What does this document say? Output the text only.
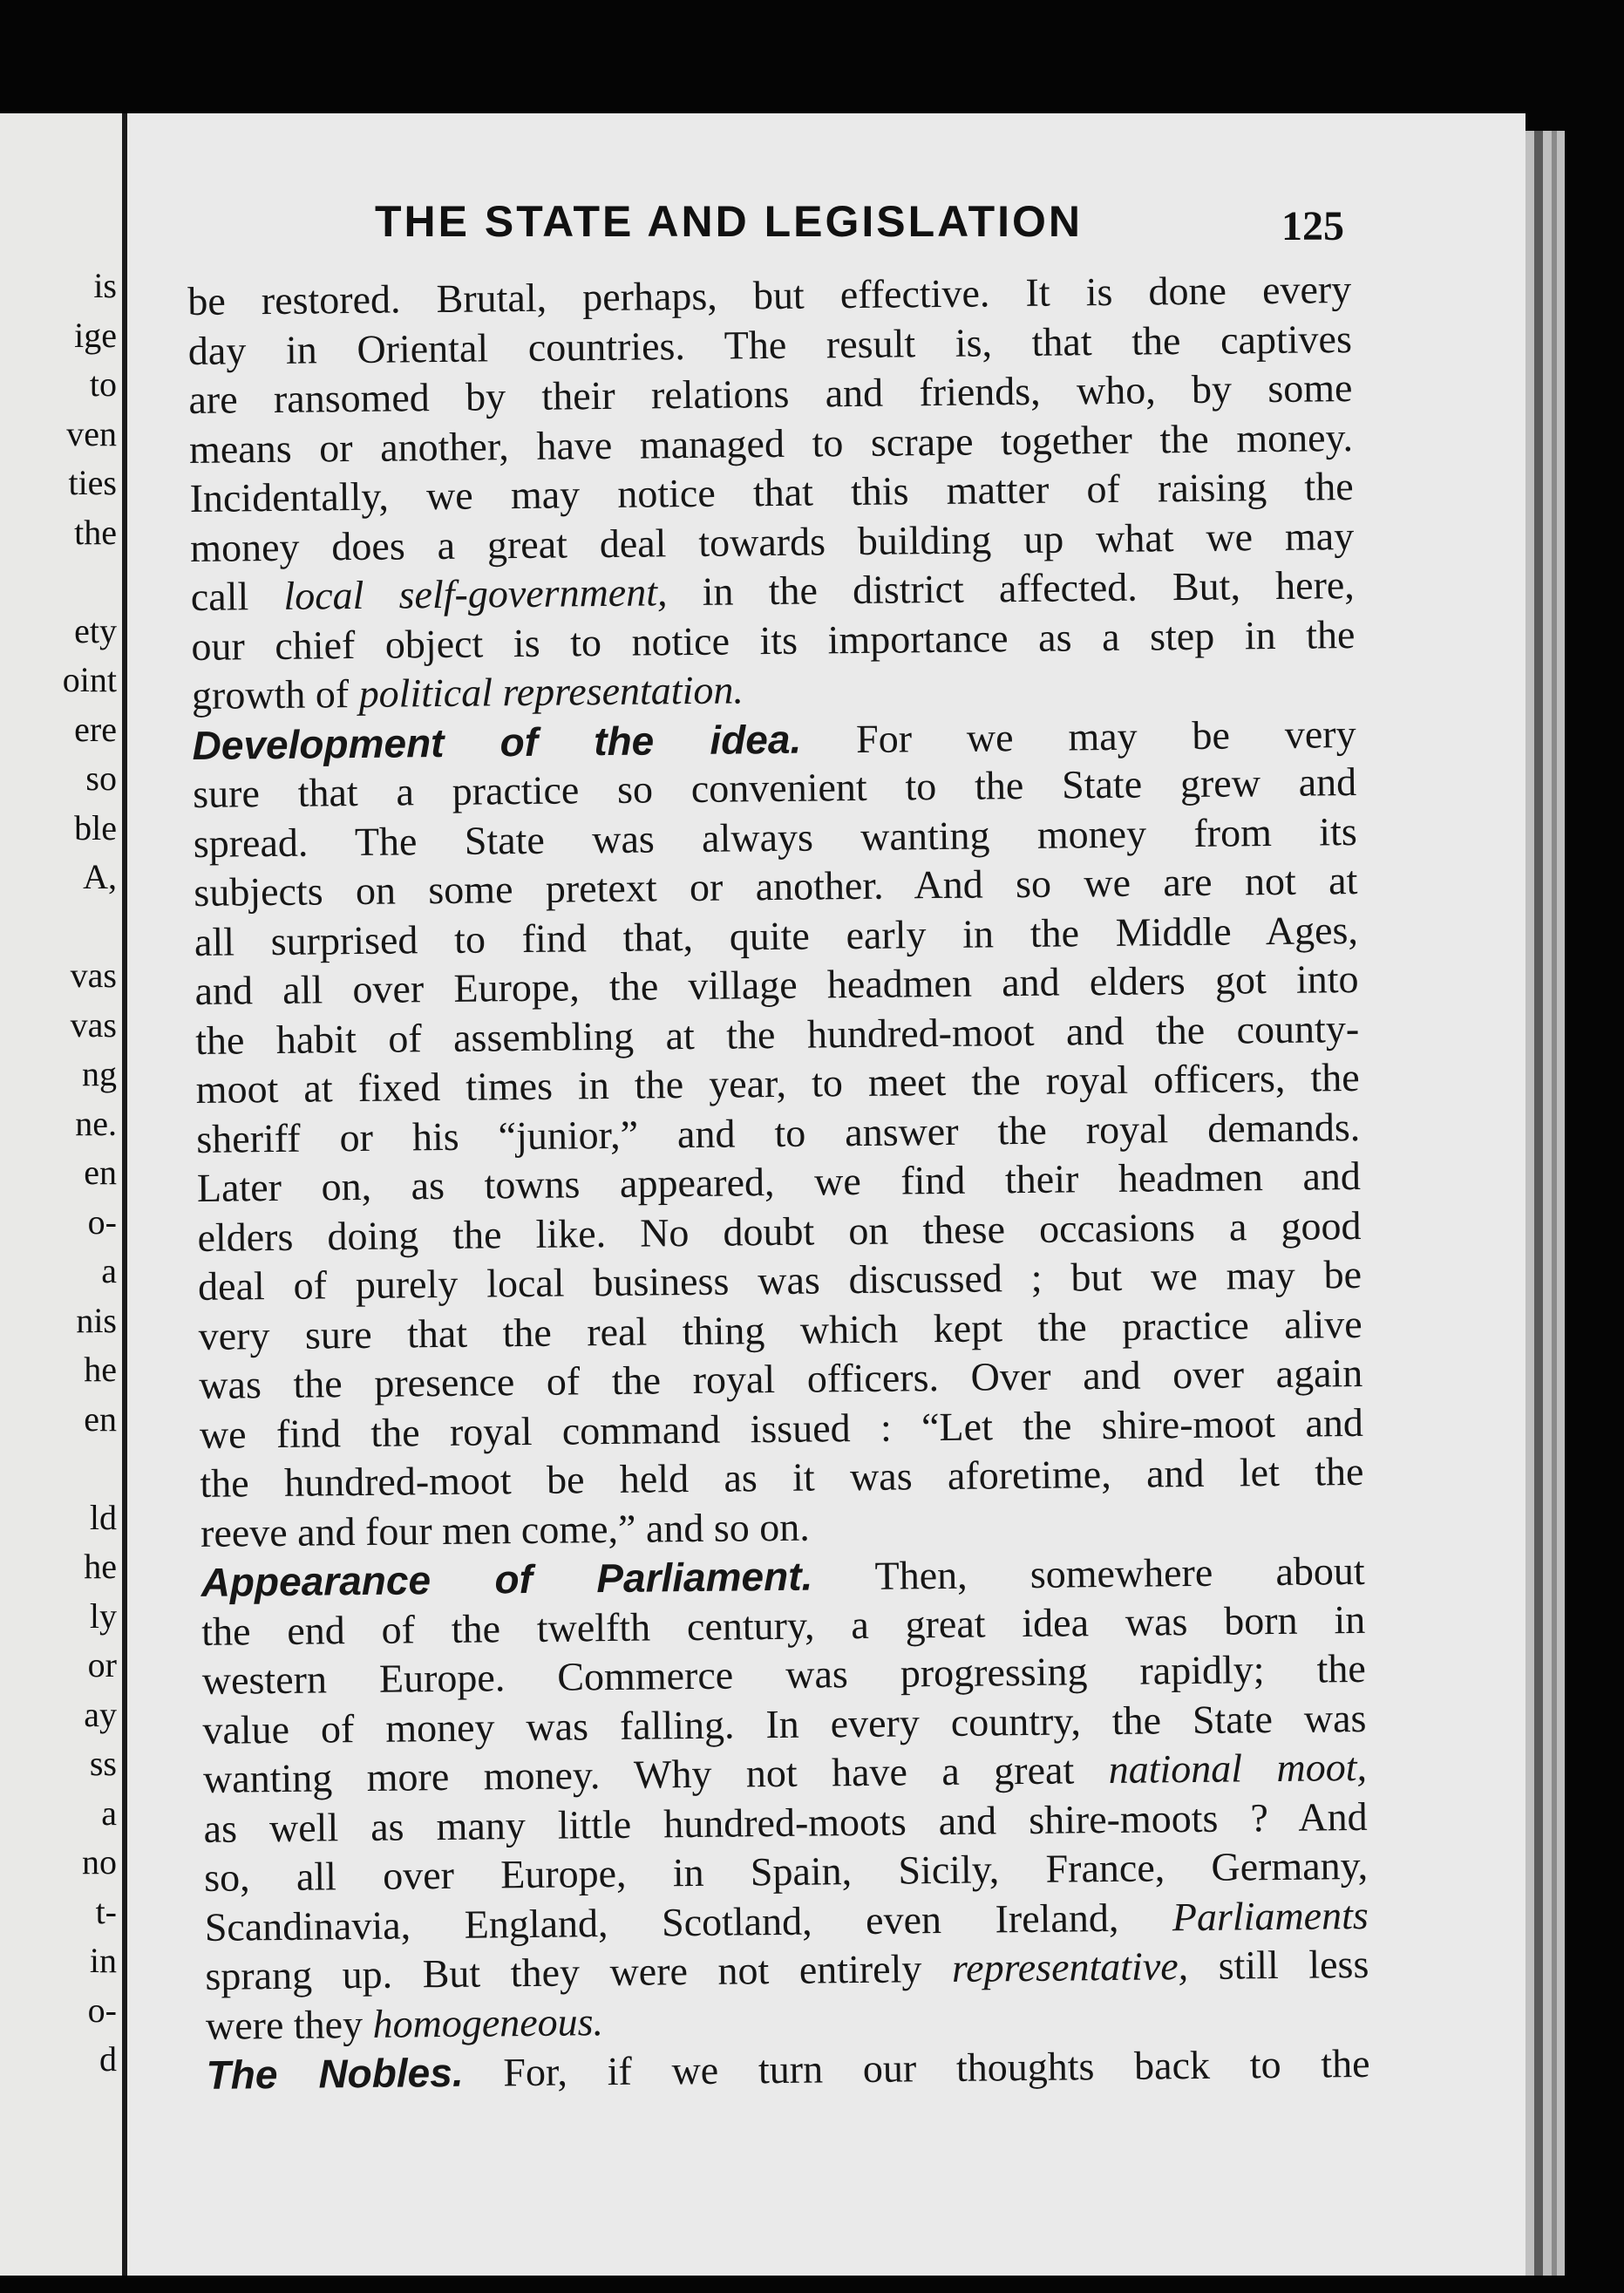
is
ige
to
ven
ties
the
ety
oint
ere
so
ble
A,
vas
vas
ng
ne.
en
o-
a
nis
he
en
ld
he
ly
or
ay
ss
a
no
t-
in
o-
d
THE STATE AND LEGISLATION	125
be restored. Brutal, perhaps, but effective. It is done every
day in Oriental countries. The result is, that the captives
are ransomed by their relations and friends, who, by some
means or another, have managed to scrape together the money.
Incidentally, we may notice that this matter of raising the
money does a great deal towards building up what we may
call local self-government, in the district affected. But, here,
our chief object is to notice its importance as a step in the
growth of political representation.
Development of the idea. For we may be very
sure that a practice so convenient to the State grew and
spread. The State was always wanting money from its
subjects on some pretext or another. And so we are not at
all surprised to find that, quite early in the Middle Ages,
and all over Europe, the village headmen and elders got into
the habit of assembling at the hundred-moot and the county-
moot at fixed times in the year, to meet the royal officers, the
sheriff or his “junior,” and to answer the royal demands.
Later on, as towns appeared, we find their headmen and
elders doing the like. No doubt on these occasions a good
deal of purely local business was discussed ; but we may be
very sure that the real thing which kept the practice alive
was the presence of the royal officers. Over and over again
we find the royal command issued : “Let the shire-moot and
the hundred-moot be held as it was aforetime, and let the
reeve and four men come,” and so on.
Appearance of Parliament. Then, somewhere about
the end of the twelfth century, a great idea was born in
western Europe. Commerce was progressing rapidly; the
value of money was falling. In every country, the State was
wanting more money. Why not have a great national moot,
as well as many little hundred-moots and shire-moots ? And
so, all over Europe, in Spain, Sicily, France, Germany,
Scandinavia, England, Scotland, even Ireland, Parliaments
sprang up. But they were not entirely representative, still less
were they homogeneous.
The Nobles. For, if we turn our thoughts back to the
